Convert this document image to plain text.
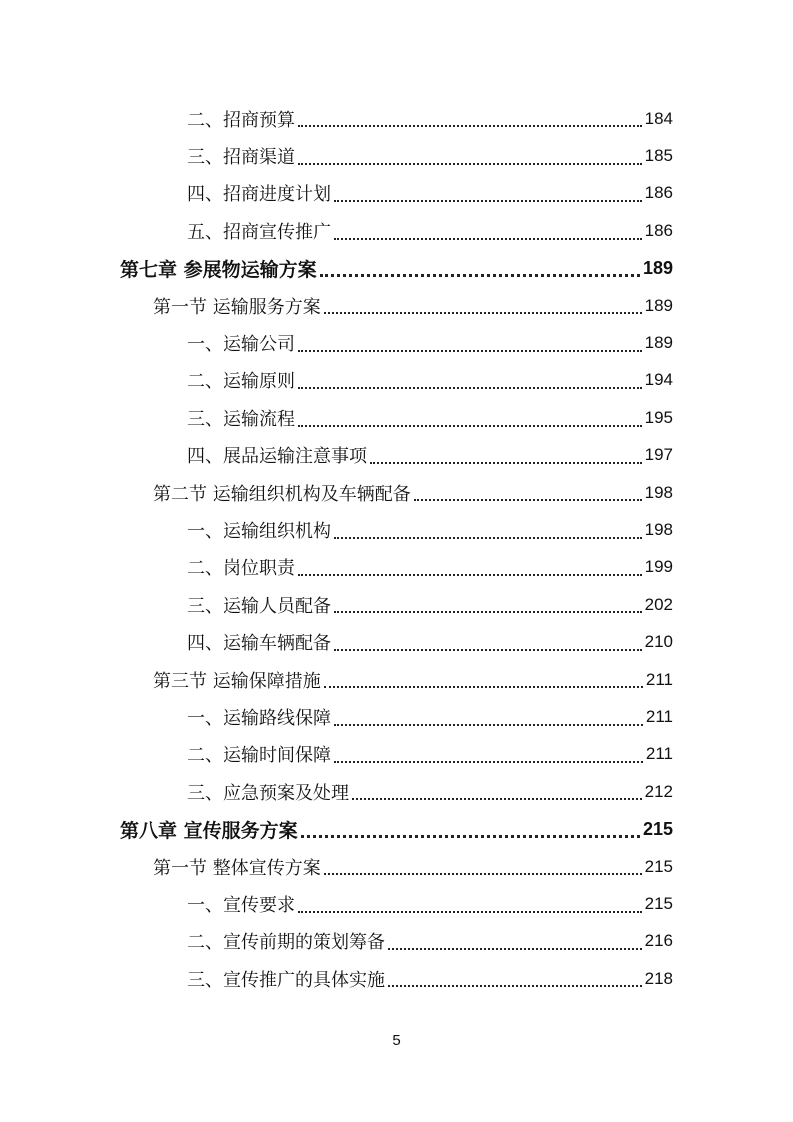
二、招商预算	184
三、招商渠道	185
四、招商进度计划	186
五、招商宣传推广	186
第七章 参展物运输方案	189
第一节 运输服务方案	189
一、运输公司	189
二、运输原则	194
三、运输流程	195
四、展品运输注意事项	197
第二节 运输组织机构及车辆配备	198
一、运输组织机构	198
二、岗位职责	199
三、运输人员配备	202
四、运输车辆配备	210
第三节 运输保障措施	211
一、运输路线保障	211
二、运输时间保障	211
三、应急预案及处理	212
第八章 宣传服务方案	215
第一节 整体宣传方案	215
一、宣传要求	215
二、宣传前期的策划筹备	216
三、宣传推广的具体实施	218
5
